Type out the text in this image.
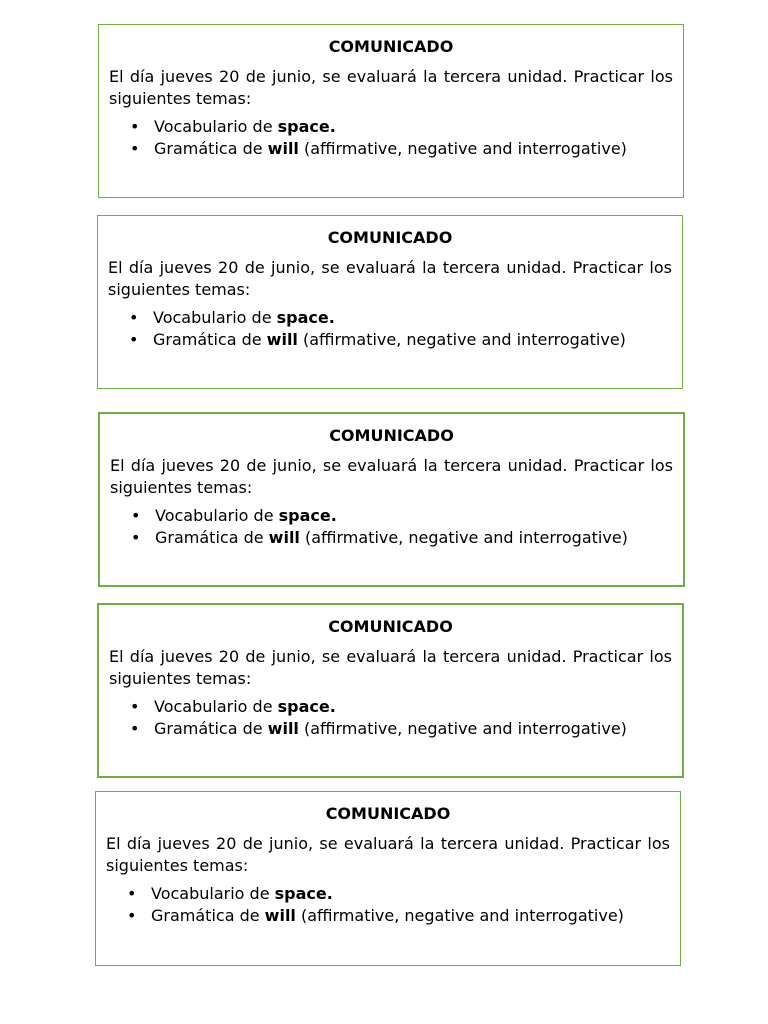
COMUNICADO
El día jueves 20 de junio, se evaluará la tercera unidad. Practicar los siguientes temas:
• Vocabulario de space.
• Gramática de will (affirmative, negative and interrogative)
COMUNICADO
El día jueves 20 de junio, se evaluará la tercera unidad. Practicar los siguientes temas:
• Vocabulario de space.
• Gramática de will (affirmative, negative and interrogative)
COMUNICADO
El día jueves 20 de junio, se evaluará la tercera unidad. Practicar los siguientes temas:
• Vocabulario de space.
• Gramática de will (affirmative, negative and interrogative)
COMUNICADO
El día jueves 20 de junio, se evaluará la tercera unidad. Practicar los siguientes temas:
• Vocabulario de space.
• Gramática de will (affirmative, negative and interrogative)
COMUNICADO
El día jueves 20 de junio, se evaluará la tercera unidad. Practicar los siguientes temas:
• Vocabulario de space.
• Gramática de will (affirmative, negative and interrogative)
